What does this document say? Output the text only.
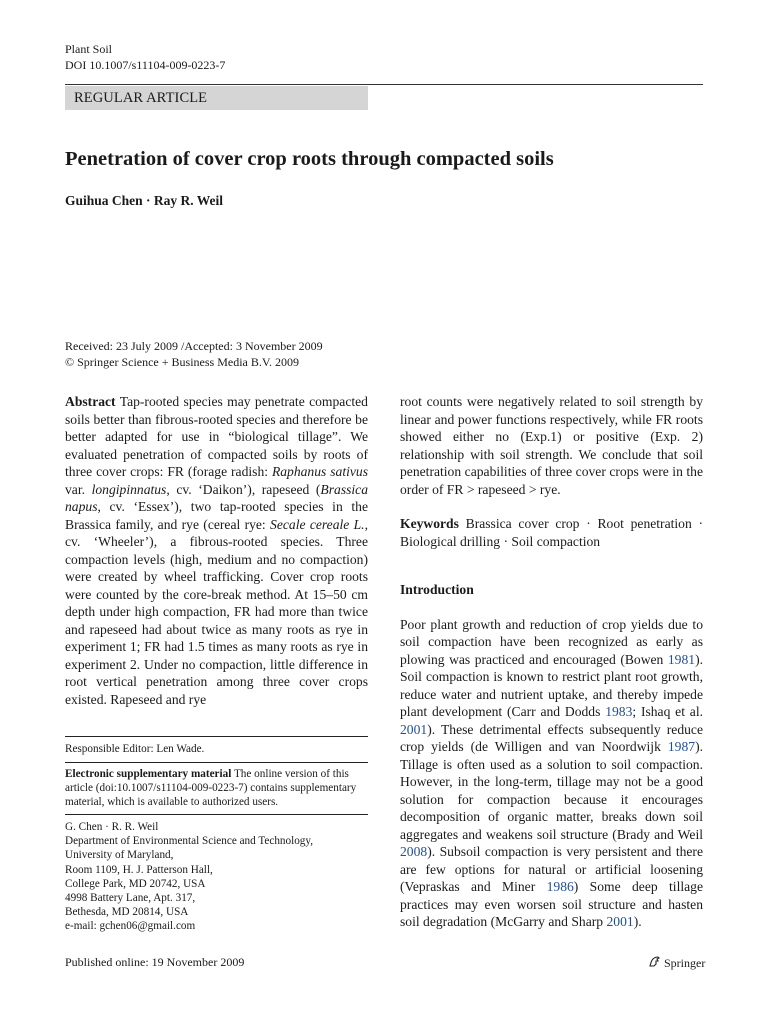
Plant Soil
DOI 10.1007/s11104-009-0223-7
REGULAR ARTICLE
Penetration of cover crop roots through compacted soils
Guihua Chen · Ray R. Weil
Received: 23 July 2009 /Accepted: 3 November 2009
© Springer Science + Business Media B.V. 2009

Abstract Tap-rooted species may penetrate compacted soils better than fibrous-rooted species and therefore be better adapted for use in “biological tillage”. We evaluated penetration of compacted soils by roots of three cover crops: FR (forage radish: Raphanus sativus var. longipinnatus, cv. ‘Daikon’), rapeseed (Brassica napus, cv. ‘Essex’), two tap-rooted species in the Brassica family, and rye (cereal rye: Secale cereale L., cv. ‘Wheeler’), a fibrous-rooted species. Three compaction levels (high, medium and no compaction) were created by wheel trafficking. Cover crop roots were counted by the core-break method. At 15–50 cm depth under high compaction, FR had more than twice and rapeseed had about twice as many roots as rye in experiment 1; FR had 1.5 times as many roots as rye in experiment 2. Under no compaction, little difference in root vertical penetration among three cover crops existed. Rapeseed and rye

Responsible Editor: Len Wade.
Electronic supplementary material The online version of this article (doi:10.1007/s11104-009-0223-7) contains supplementary material, which is available to authorized users.
G. Chen · R. R. Weil
Department of Environmental Science and Technology,
University of Maryland,
Room 1109, H. J. Patterson Hall,
College Park, MD 20742, USA
4998 Battery Lane, Apt. 317,
Bethesda, MD 20814, USA
e-mail: gchen06@gmail.com

root counts were negatively related to soil strength by linear and power functions respectively, while FR roots showed either no (Exp.1) or positive (Exp. 2) relationship with soil strength. We conclude that soil penetration capabilities of three cover crops were in the order of FR > rapeseed > rye.

Keywords Brassica cover crop · Root penetration · Biological drilling · Soil compaction

Introduction

Poor plant growth and reduction of crop yields due to soil compaction have been recognized as early as plowing was practiced and encouraged (Bowen 1981). Soil compaction is known to restrict plant root growth, reduce water and nutrient uptake, and thereby impede plant development (Carr and Dodds 1983; Ishaq et al. 2001). These detrimental effects subsequently reduce crop yields (de Willigen and van Noordwijk 1987). Tillage is often used as a solution to soil compaction. However, in the long-term, tillage may not be a good solution for compaction because it encourages decomposition of organic matter, breaks down soil aggregates and weakens soil structure (Brady and Weil 2008). Subsoil compaction is very persistent and there are few options for natural or artificial loosening (Vepraskas and Miner 1986) Some deep tillage practices may even worsen soil structure and hasten soil degradation (McGarry and Sharp 2001).

Published online: 19 November 2009	Springer
